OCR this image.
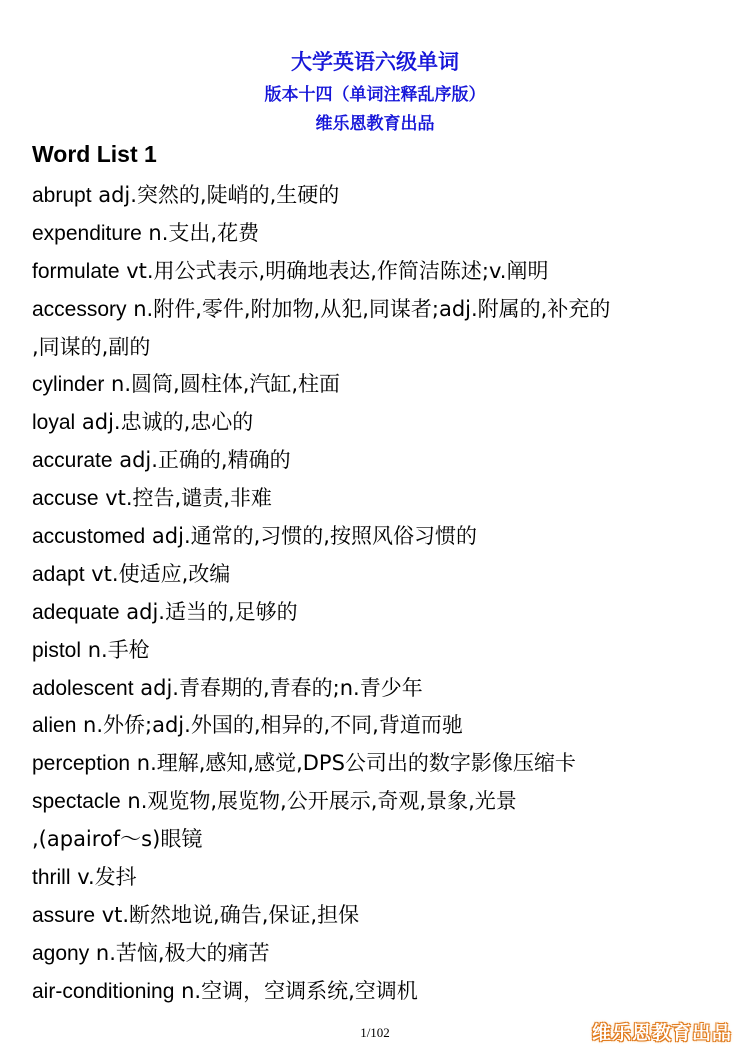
大学英语六级单词
版本十四（单词注释乱序版）
维乐恩教育出品
Word List 1
abrupt adj.突然的,陡峭的,生硬的
expenditure n.支出,花费
formulate vt.用公式表示,明确地表达,作简洁陈述;v.阐明
accessory n.附件,零件,附加物,从犯,同谋者;adj.附属的,补充的
,同谋的,副的
cylinder n.圆筒,圆柱体,汽缸,柱面
loyal adj.忠诚的,忠心的
accurate adj.正确的,精确的
accuse vt.控告,谴责,非难
accustomed adj.通常的,习惯的,按照风俗习惯的
adapt vt.使适应,改编
adequate adj.适当的,足够的
pistol n.手枪
adolescent adj.青春期的,青春的;n.青少年
alien n.外侨;adj.外国的,相异的,不同,背道而驰
perception n.理解,感知,感觉,DPS公司出的数字影像压缩卡
spectacle n.观览物,展览物,公开展示,奇观,景象,光景
,(apairof～s)眼镜
thrill v.发抖
assure vt.断然地说,确告,保证,担保
agony n.苦恼,极大的痛苦
air-conditioning n.空调，空调系统,空调机
1/102	维乐恩教育出品
